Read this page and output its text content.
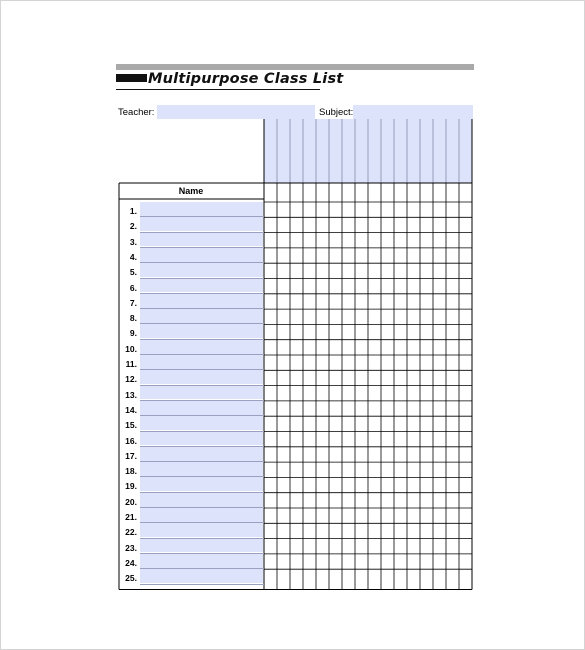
Multipurpose Class List
Teacher:	Subject:
Name
1.
2.
3.
4.
5.
6.
7.
8.
9.
10.
11.
12.
13.
14.
15.
16.
17.
18.
19.
20.
21.
22.
23.
24.
25.
